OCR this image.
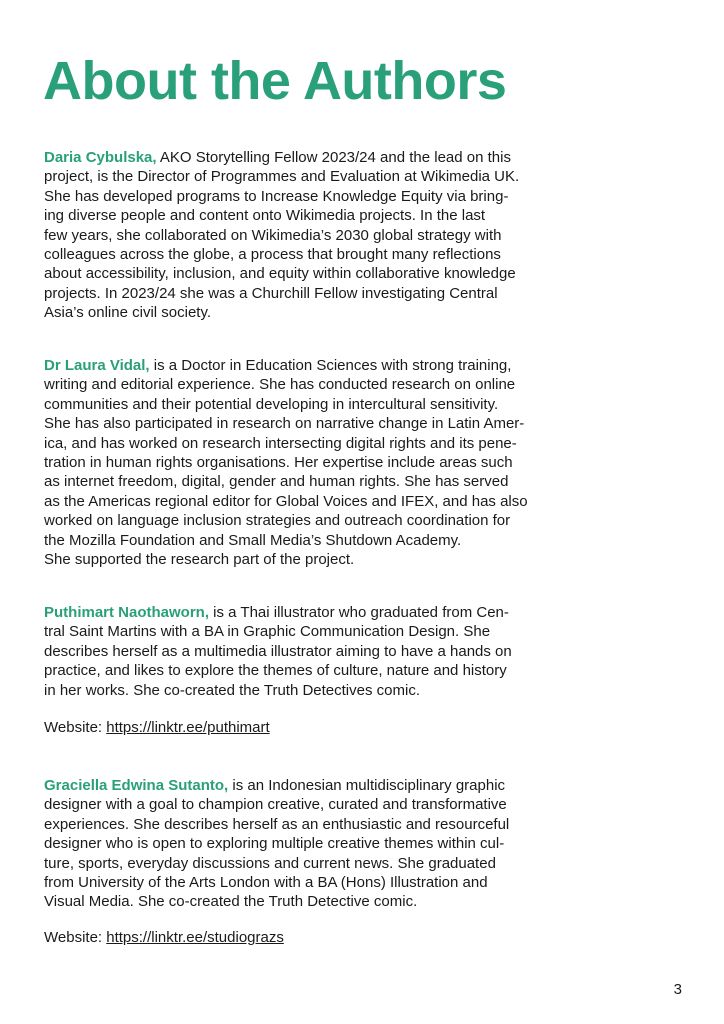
About the Authors
Daria Cybulska, AKO Storytelling Fellow 2023/24 and the lead on this
project, is the Director of Programmes and Evaluation at Wikimedia UK.
She has developed programs to Increase Knowledge Equity via bring-
ing diverse people and content onto Wikimedia projects. In the last
few years, she collaborated on Wikimedia’s 2030 global strategy with
colleagues across the globe, a process that brought many reflections
about accessibility, inclusion, and equity within collaborative knowledge
projects. In 2023/24 she was a Churchill Fellow investigating Central
Asia’s online civil society.
Dr Laura Vidal, is a Doctor in Education Sciences with strong training,
writing and editorial experience. She has conducted research on online
communities and their potential developing in intercultural sensitivity.
She has also participated in research on narrative change in Latin Amer-
ica, and has worked on research intersecting digital rights and its pene-
tration in human rights organisations. Her expertise include areas such
as internet freedom, digital, gender and human rights. She has served
as the Americas regional editor for Global Voices and IFEX, and has also
worked on language inclusion strategies and outreach coordination for
the Mozilla Foundation and Small Media’s Shutdown Academy.
She supported the research part of the project.
Puthimart Naothaworn, is a Thai illustrator who graduated from Cen-
tral Saint Martins with a BA in Graphic Communication Design. She
describes herself as a multimedia illustrator aiming to have a hands on
practice, and likes to explore the themes of culture, nature and history
in her works. She co-created the Truth Detectives comic.

Website: https://linktr.ee/puthimart

Graciella Edwina Sutanto, is an Indonesian multidisciplinary graphic
designer with a goal to champion creative, curated and transformative
experiences. She describes herself as an enthusiastic and resourceful
designer who is open to exploring multiple creative themes within cul-
ture, sports, everyday discussions and current news. She graduated
from University of the Arts London with a BA (Hons) Illustration and
Visual Media. She co-created the Truth Detective comic.

Website: https://linktr.ee/studiograzs

3
